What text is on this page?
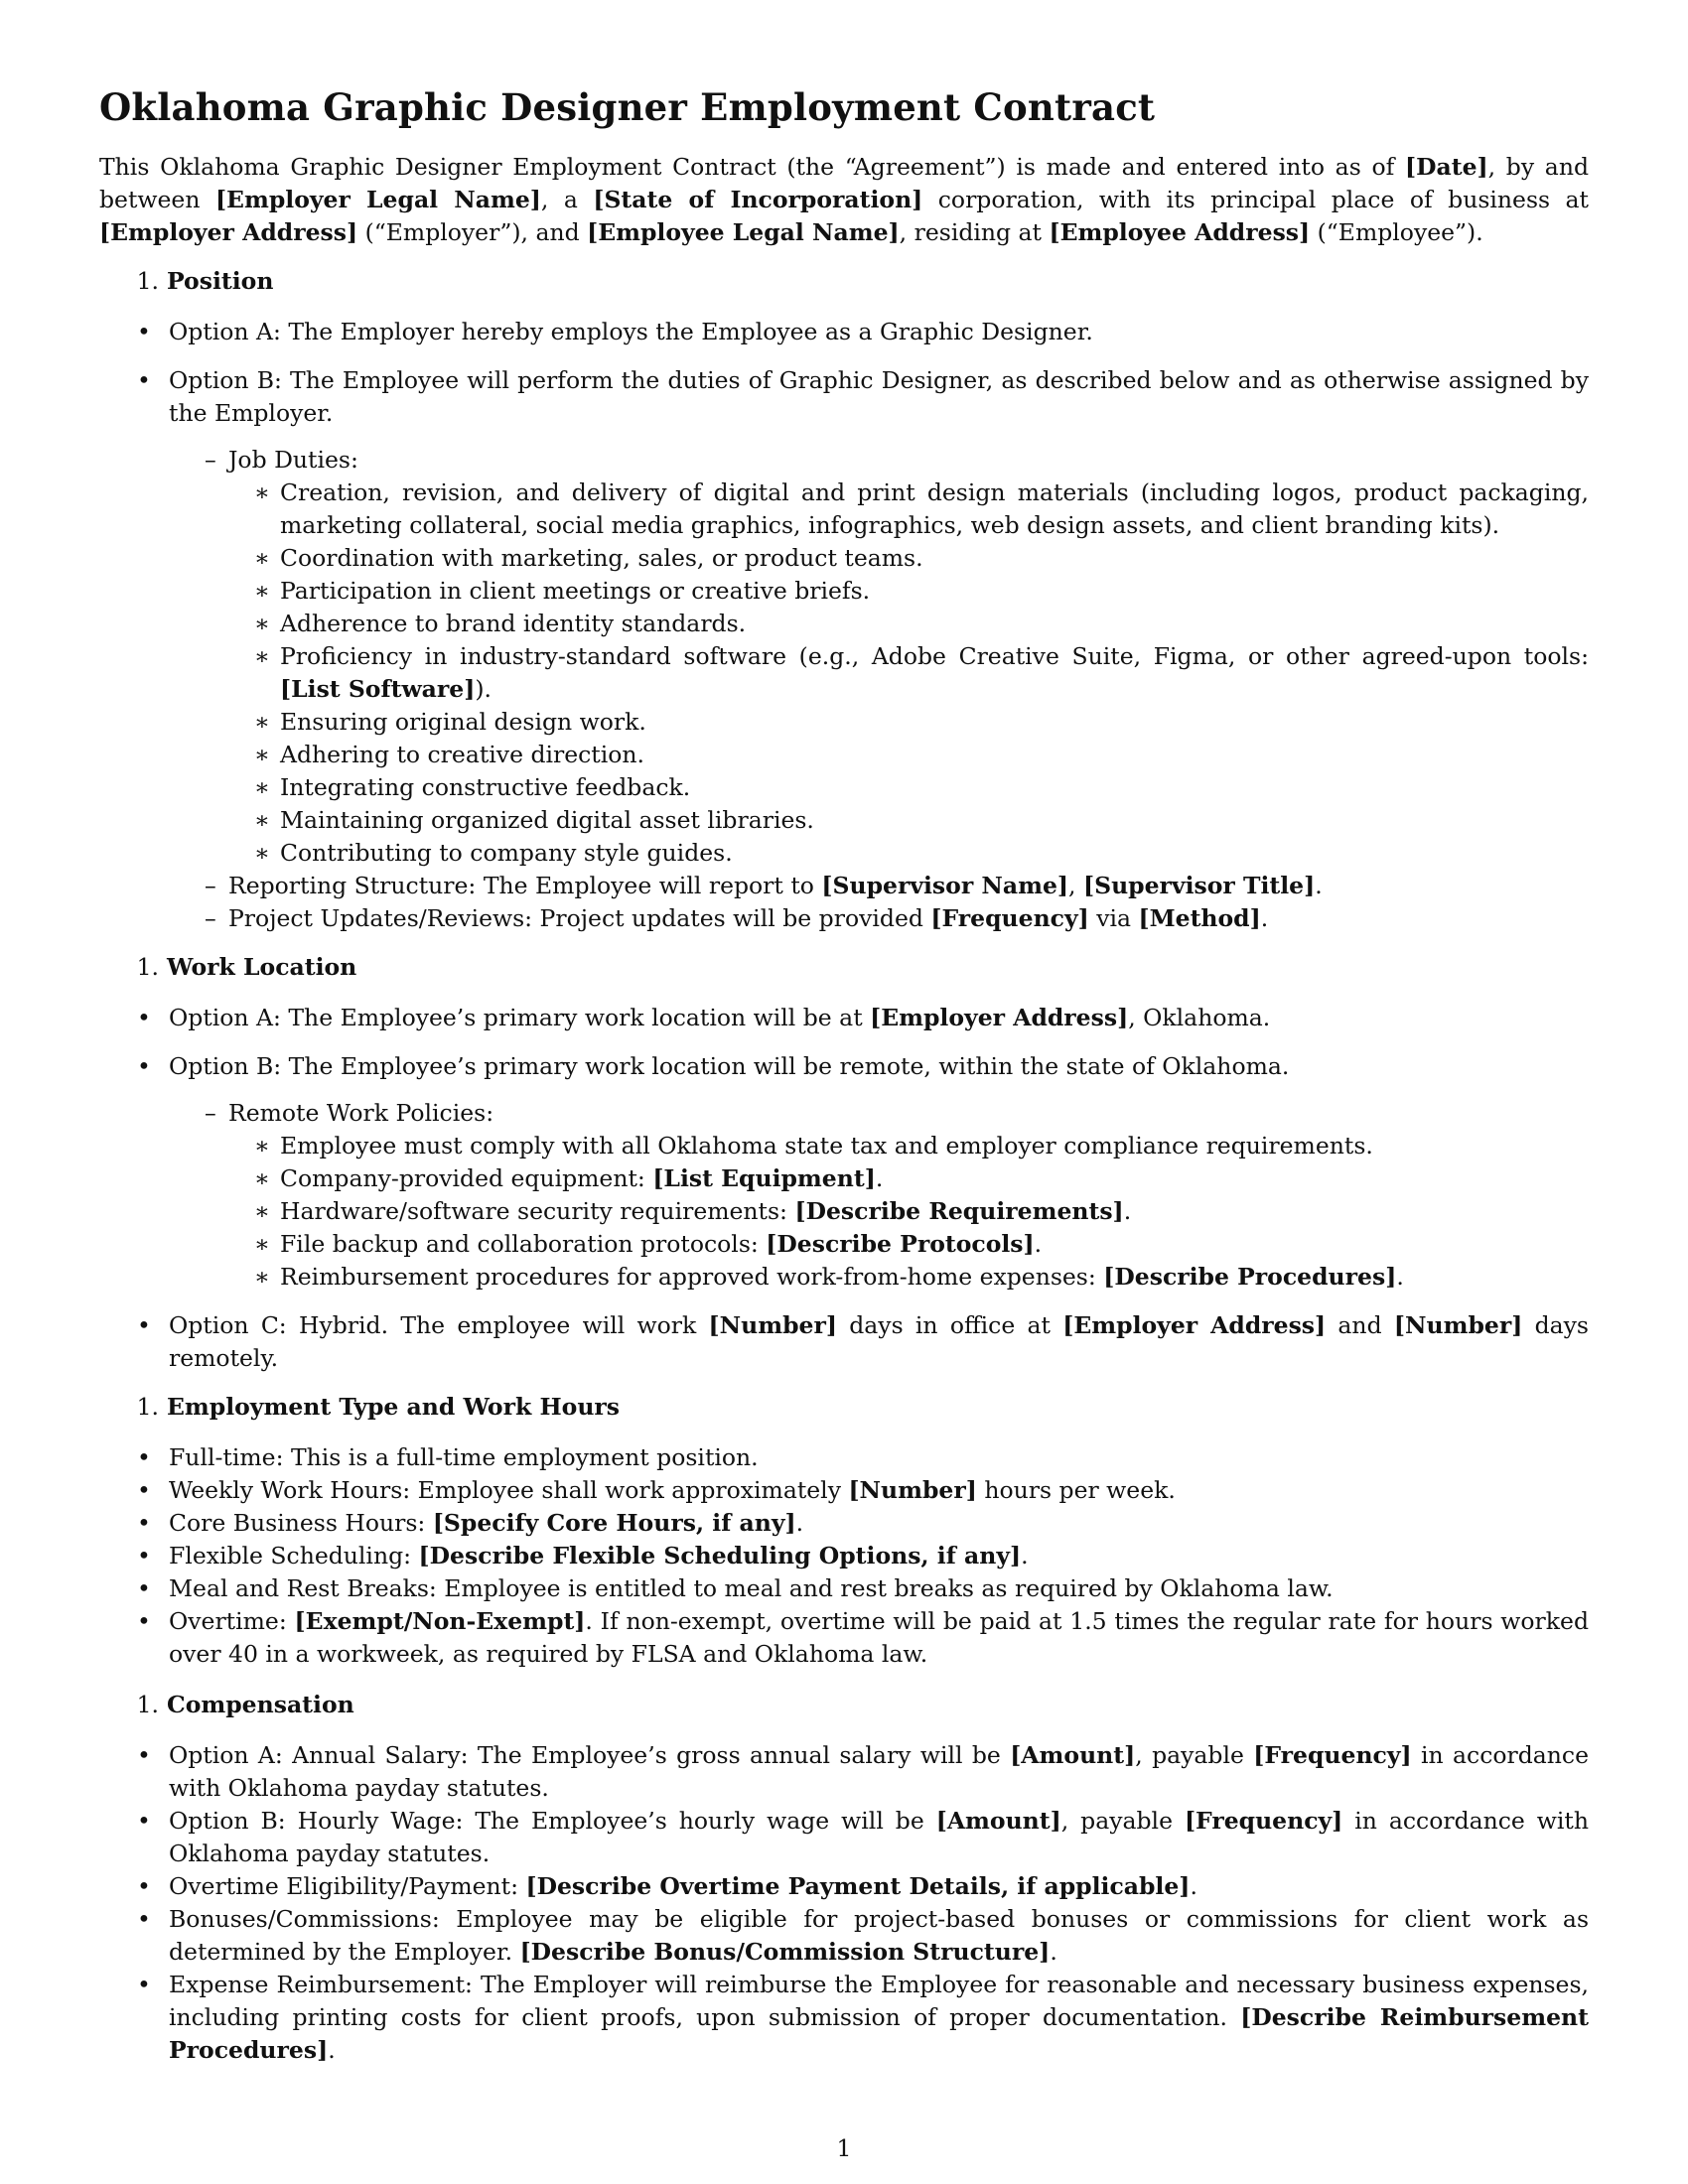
Oklahoma Graphic Designer Employment Contract

This Oklahoma Graphic Designer Employment Contract (the “Agreement”) is made and entered into as of [Date], by and between [Employer Legal Name], a [State of Incorporation] corporation, with its principal place of business at [Employer Address] (“Employer”), and [Employee Legal Name], residing at [Employee Address] (“Employee”).

1. Position
• Option A: The Employer hereby employs the Employee as a Graphic Designer.
• Option B: The Employee will perform the duties of Graphic Designer, as described below and as otherwise assigned by the Employer.
– Job Duties:
∗ Creation, revision, and delivery of digital and print design materials (including logos, product packaging, marketing collateral, social media graphics, infographics, web design assets, and client branding kits).
∗ Coordination with marketing, sales, or product teams.
∗ Participation in client meetings or creative briefs.
∗ Adherence to brand identity standards.
∗ Proficiency in industry-standard software (e.g., Adobe Creative Suite, Figma, or other agreed-upon tools: [List Software]).
∗ Ensuring original design work.
∗ Adhering to creative direction.
∗ Integrating constructive feedback.
∗ Maintaining organized digital asset libraries.
∗ Contributing to company style guides.
– Reporting Structure: The Employee will report to [Supervisor Name], [Supervisor Title].
– Project Updates/Reviews: Project updates will be provided [Frequency] via [Method].
1. Work Location
• Option A: The Employee’s primary work location will be at [Employer Address], Oklahoma.
• Option B: The Employee’s primary work location will be remote, within the state of Oklahoma.
– Remote Work Policies:
∗ Employee must comply with all Oklahoma state tax and employer compliance requirements.
∗ Company-provided equipment: [List Equipment].
∗ Hardware/software security requirements: [Describe Requirements].
∗ File backup and collaboration protocols: [Describe Protocols].
∗ Reimbursement procedures for approved work-from-home expenses: [Describe Procedures].
• Option C: Hybrid. The employee will work [Number] days in office at [Employer Address] and [Number] days remotely.
1. Employment Type and Work Hours
• Full-time: This is a full-time employment position.
• Weekly Work Hours: Employee shall work approximately [Number] hours per week.
• Core Business Hours: [Specify Core Hours, if any].
• Flexible Scheduling: [Describe Flexible Scheduling Options, if any].
• Meal and Rest Breaks: Employee is entitled to meal and rest breaks as required by Oklahoma law.
• Overtime: [Exempt/Non-Exempt]. If non-exempt, overtime will be paid at 1.5 times the regular rate for hours worked over 40 in a workweek, as required by FLSA and Oklahoma law.
1. Compensation
• Option A: Annual Salary: The Employee’s gross annual salary will be [Amount], payable [Frequency] in accordance with Oklahoma payday statutes.
• Option B: Hourly Wage: The Employee’s hourly wage will be [Amount], payable [Frequency] in accordance with Oklahoma payday statutes.
• Overtime Eligibility/Payment: [Describe Overtime Payment Details, if applicable].
• Bonuses/Commissions: Employee may be eligible for project-based bonuses or commissions for client work as determined by the Employer. [Describe Bonus/Commission Structure].
• Expense Reimbursement: The Employer will reimburse the Employee for reasonable and necessary business expenses, including printing costs for client proofs, upon submission of proper documentation. [Describe Reimbursement Procedures].
1
